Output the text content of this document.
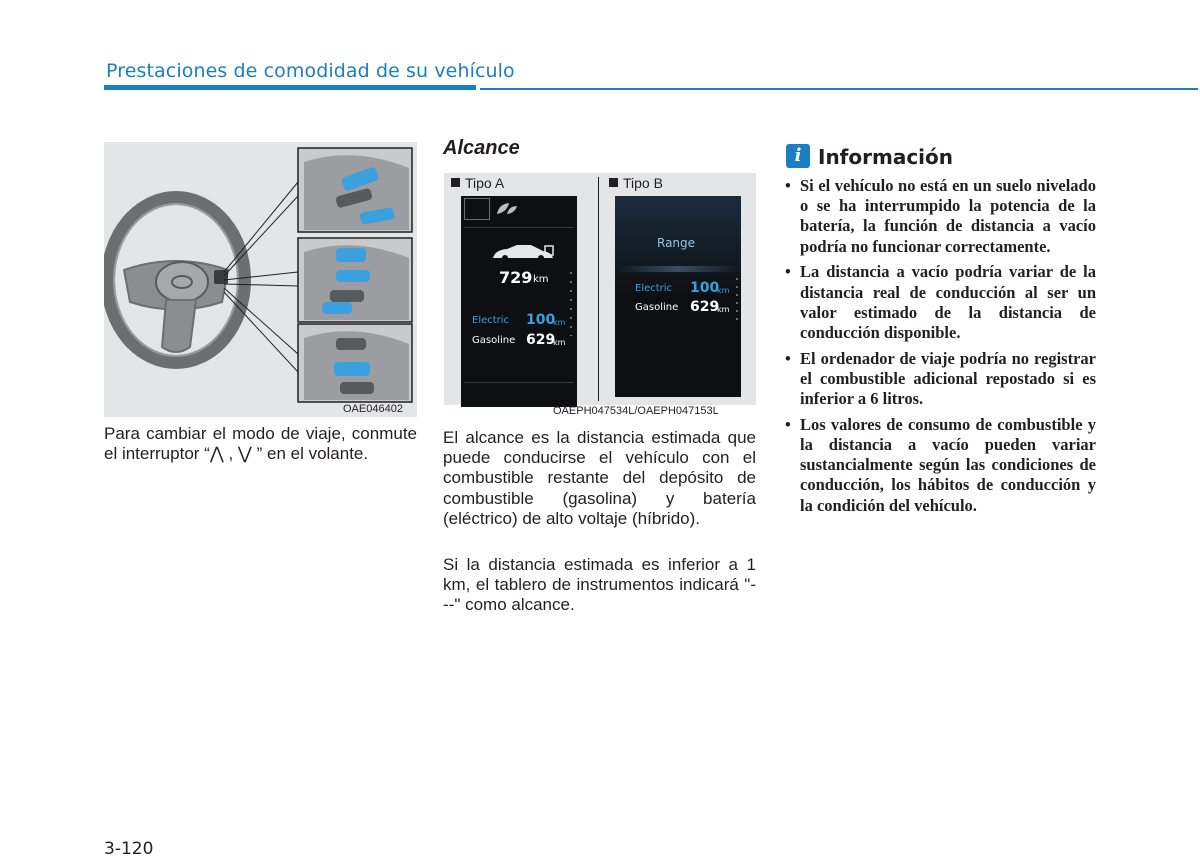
Prestaciones de comodidad de su vehículo
OAE046402

Para cambiar el modo de viaje, conmute el interruptor “⋀ , ⋁ ” en el volante.

Alcance
Tipo A	Tipo B
729 km
Electric 100
km
Gasoline 629
km
Range
Electric 100
km
Gasoline 629
km
OAEPH047534L/OAEPH047153L

El alcance es la distancia estimada que puede conducirse el vehículo con el combustible restante del depósito de combustible (gasolina) y batería (eléctrico) de alto voltaje (híbrido).

Si la distancia estimada es inferior a 1 km, el tablero de instrumentos indicará "---" como alcance.

i Información
• Si el vehículo no está en un suelo nivelado o se ha interrumpido la potencia de la batería, la función de distancia a vacío podría no funcionar correctamente.
• La distancia a vacío podría variar de la distancia real de conducción al ser un valor estimado de la distancia de conducción disponible.
• El ordenador de viaje podría no registrar el combustible adicional repostado si es inferior a 6 litros.
• Los valores de consumo de combustible y la distancia a vacío pueden variar sustancialmente según las condiciones de conducción, los hábitos de conducción y la condición del vehículo.
3-120
